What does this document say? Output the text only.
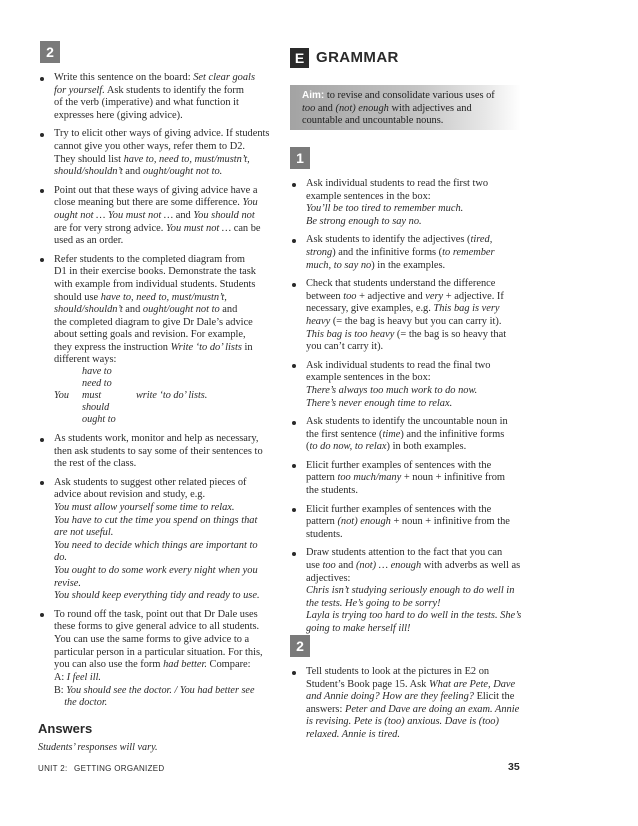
2
Write this sentence on the board: Set clear goals
for yourself. Ask students to identify the form
of the verb (imperative) and what function it
expresses here (giving advice).
Try to elicit other ways of giving advice. If students
cannot give you other ways, refer them to D2.
They should list have to, need to, must/mustn’t,
should/shouldn’t and ought/ought not to.
Point out that these ways of giving advice have a
close meaning but there are some difference. You
ought not … You must not … and You should not
are for very strong advice. You must not … can be
used as an order.
Refer students to the completed diagram from
D1 in their exercise books. Demonstrate the task
with example from individual students. Students
should use have to, need to, must/mustn’t,
should/shouldn’t and ought/ought not to and
the completed diagram to give Dr Dale’s advice
about setting goals and revision. For example,
they express the instruction Write ‘to do’ lists in
different ways:
You
have to
need to
must
should
ought to
write ‘to do’ lists.
As students work, monitor and help as necessary,
then ask students to say some of their sentences to
the rest of the class.
Ask students to suggest other related pieces of
advice about revision and study, e.g.
You must allow yourself some time to relax.
You have to cut the time you spend on things that
are not useful.
You need to decide which things are important to
do.
You ought to do some work every night when you
revise.
You should keep everything tidy and ready to use.
To round off the task, point out that Dr Dale uses
these forms to give general advice to all students.
You can use the same forms to give advice to a
particular person in a particular situation. For this,
you can also use the form had better. Compare:
A: I feel ill.
B: You should see the doctor. / You had better see
the doctor.
Answers
Students’ responses will vary.
E GRAMMAR
Aim: to revise and consolidate various uses of
too and (not) enough with adjectives and
countable and uncountable nouns.
1
Ask individual students to read the first two
example sentences in the box:
You’ll be too tired to remember much.
Be strong enough to say no.
Ask students to identify the adjectives (tired,
strong) and the infinitive forms (to remember
much, to say no) in the examples.
Check that students understand the difference
between too + adjective and very + adjective. If
necessary, give examples, e.g. This bag is very
heavy (= the bag is heavy but you can carry it).
This bag is too heavy (= the bag is so heavy that
you can’t carry it).
Ask individual students to read the final two
example sentences in the box:
There’s always too much work to do now.
There’s never enough time to relax.
Ask students to identify the uncountable noun in
the first sentence (time) and the infinitive forms
(to do now, to relax) in both examples.
Elicit further examples of sentences with the
pattern too much/many + noun + infinitive from
the students.
Elicit further examples of sentences with the
pattern (not) enough + noun + infinitive from the
students.
Draw students attention to the fact that you can
use too and (not) … enough with adverbs as well as
adjectives:
Chris isn’t studying seriously enough to do well in
the tests. He’s going to be sorry!
Layla is trying too hard to do well in the tests. She’s
going to make herself ill!
2
Tell students to look at the pictures in E2 on
Student’s Book page 15. Ask What are Pete, Dave
and Annie doing? How are they feeling? Elicit the
answers: Peter and Dave are doing an exam. Annie
is revising. Pete is (too) anxious. Dave is (too)
relaxed. Annie is tired.
UNIT 2: GETTING ORGANIZED	35
